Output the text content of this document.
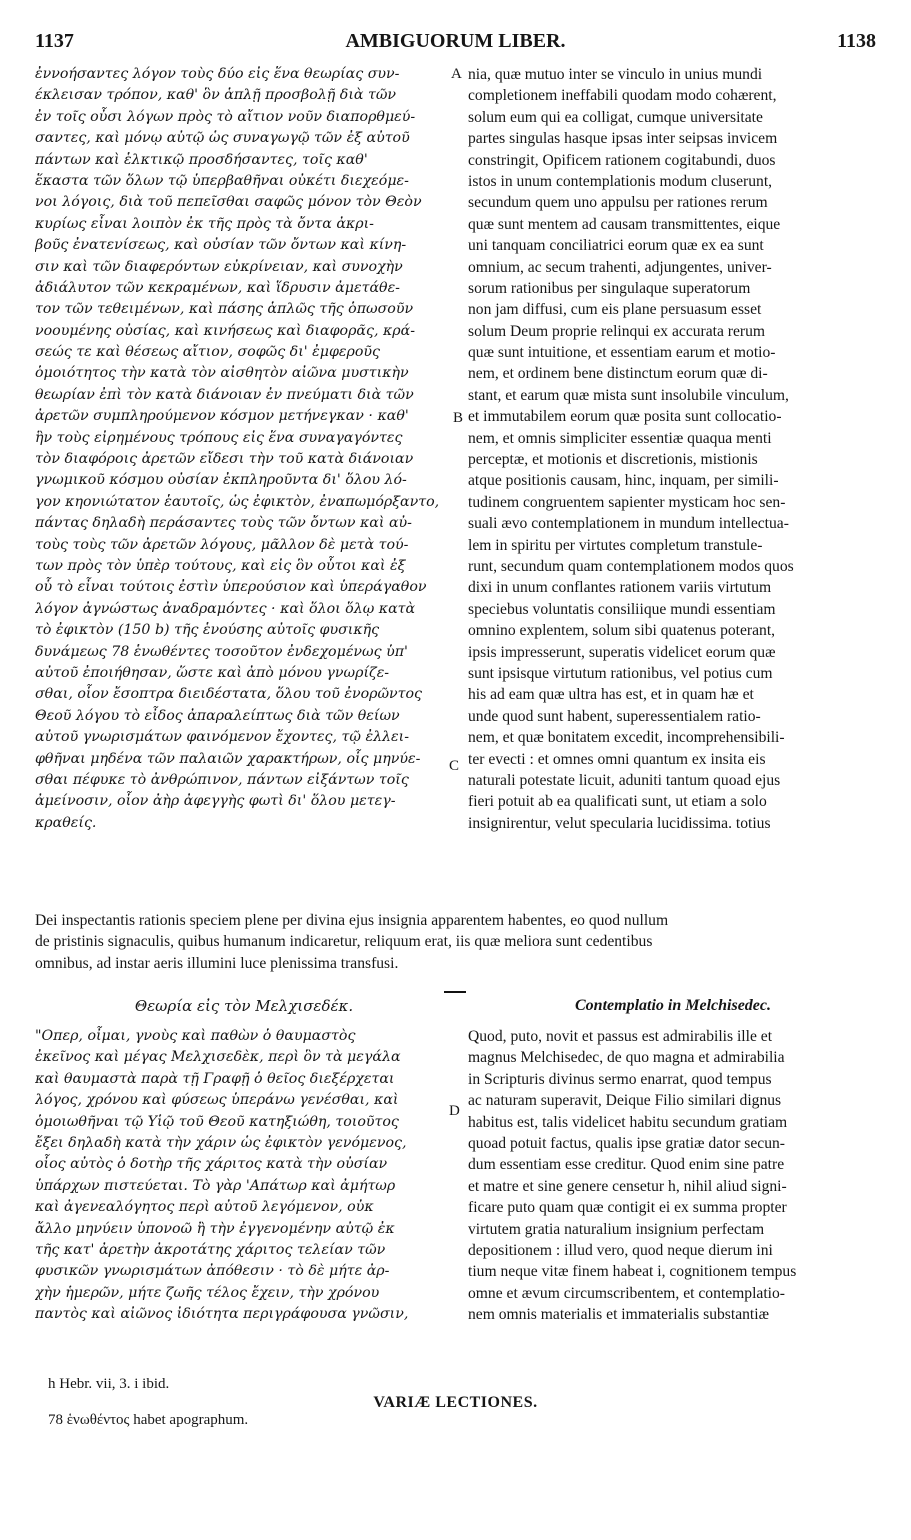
1137	AMBIGUORUM LIBER.	1138
ἐννοήσαντες λόγον τοὺς δύο εἰς ἕνα θεωρίας συν-
έκλεισαν τρόπον, καθ' ὃν ἁπλῇ προσβολῇ διὰ τῶν
ἐν τοῖς οὖσι λόγων πρὸς τὸ αἴτιον νοῦν διαπορθμεύ-
σαντες, καὶ μόνῳ αὐτῷ ὡς συναγωγῷ τῶν ἐξ αὐτοῦ
πάντων καὶ ἑλκτικῷ προσδήσαντες, τοῖς καθ'
ἕκαστα τῶν ὅλων τῷ ὑπερβαθῆναι οὐκέτι διεχεόμε-
νοι λόγοις, διὰ τοῦ πεπεῖσθαι σαφῶς μόνον τὸν Θεὸν
κυρίως εἶναι λοιπὸν ἐκ τῆς πρὸς τὰ ὄντα ἀκρι-
βοῦς ἐνατενίσεως, καὶ οὐσίαν τῶν ὄντων καὶ κίνη-
σιν καὶ τῶν διαφερόντων εὐκρίνειαν, καὶ συνοχὴν
ἀδιάλυτον τῶν κεκραμένων, καὶ ἵδρυσιν ἀμετάθε-
τον τῶν τεθειμένων, καὶ πάσης ἁπλῶς τῆς ὁπωσοῦν
νοουμένης οὐσίας, καὶ κινήσεως καὶ διαφορᾶς, κρά-
σεώς τε καὶ θέσεως αἴτιον, σοφῶς δι' ἐμφεροῦς
ὁμοιότητος τὴν κατὰ τὸν αἰσθητὸν αἰῶνα μυστικὴν
θεωρίαν ἐπὶ τὸν κατὰ διάνοιαν ἐν πνεύματι διὰ τῶν
ἀρετῶν συμπληρούμενον κόσμον μετήνεγκαν · καθ'
ἣν τοὺς εἰρημένους τρόπους εἰς ἕνα συναγαγόντες
τὸν διαφόροις ἀρετῶν εἴδεσι τὴν τοῦ κατὰ διάνοιαν
γνωμικοῦ κόσμου οὐσίαν ἐκπληροῦντα δι' ὅλου λό-
γον κηονιώτατον ἑαυτοῖς, ὡς ἐφικτὸν, ἐναπωμόρξαντο,
πάντας δηλαδὴ περάσαντες τοὺς τῶν ὄντων καὶ αὐ-
τοὺς τοὺς τῶν ἀρετῶν λόγους, μᾶλλον δὲ μετὰ τού-
των πρὸς τὸν ὑπὲρ τούτους, καὶ εἰς ὃν οὗτοι καὶ ἐξ
οὗ τὸ εἶναι τούτοις ἐστὶν ὑπερούσιον καὶ ὑπεράγαθον
λόγον ἀγνώστως ἀναδραμόντες · καὶ ὅλοι ὅλῳ κατὰ
τὸ ἐφικτὸν (150 b) τῆς ἑνούσης αὐτοῖς φυσικῆς
δυνάμεως 78 ἑνωθέντες τοσοῦτον ἐνδεχομένως ὑπ'
αὐτοῦ ἐποιήθησαν, ὥστε καὶ ἀπὸ μόνου γνωρίζε-
σθαι, οἷον ἔσοπτρα διειδέστατα, ὅλου τοῦ ἐνορῶντος
Θεοῦ λόγου τὸ εἶδος ἀπαραλείπτως διὰ τῶν θείων
αὐτοῦ γνωρισμάτων φαινόμενον ἔχοντες, τῷ ἐλλει-
φθῆναι μηδένα τῶν παλαιῶν χαρακτήρων, οἷς μηνύε-
σθαι πέφυκε τὸ ἀνθρώπινον, πάντων εἰξάντων τοῖς
ἀμείνοσιν, οἷον ἀὴρ ἀφεγγὴς φωτὶ δι' ὅλου μετεγ-
κραθείς.
nia, quæ mutuo inter se vinculo in unius mundi
completionem ineffabili quodam modo cohærent,
solum eum qui ea colligat, cumque universitate
partes singulas hasque ipsas inter seipsas invicem
constringit, Opificem rationem cogitabundi, duos
istos in unum contemplationis modum cluserunt,
secundum quem uno appulsu per rationes rerum
quæ sunt mentem ad causam transmittentes, eique
uni tanquam conciliatrici eorum quæ ex ea sunt
omnium, ac secum trahenti, adjungentes, univer-
sorum rationibus per singulaque superatorum
non jam diffusi, cum eis plane persuasum esset
solum Deum proprie relinqui ex accurata rerum
quæ sunt intuitione, et essentiam earum et motio-
nem, et ordinem bene distinctum eorum quæ di-
stant, et earum quæ mista sunt insolubile vinculum,
et immutabilem eorum quæ posita sunt collocatio-
nem, et omnis simpliciter essentiæ quaqua menti
perceptæ, et motionis et discretionis, mistionis
atque positionis causam, hinc, inquam, per simili-
tudinem congruentem sapienter mysticam hoc sen-
suali ævo contemplationem in mundum intellectua-
lem in spiritu per virtutes completum transtule-
runt, secundum quam contemplationem modos quos
dixi in unum conflantes rationem variis virtutum
speciebus voluntatis consiliique mundi essentiam
omnino explentem, solum sibi quatenus poterant,
ipsis impresserunt, superatis videlicet eorum quæ
sunt ipsisque virtutum rationibus, vel potius cum
his ad eam quæ ultra has est, et in quam hæ et
unde quod sunt habent, superessentialem ratio-
nem, et quæ bonitatem excedit, incomprehensibili-
ter evecti : et omnes omni quantum ex insita eis
naturali potestate licuit, aduniti tantum quoad ejus
fieri potuit ab ea qualificati sunt, ut etiam a solo
insignirentur, velut specularia lucidissima. totius
A
B
C
D
Dei inspectantis rationis speciem plene per divina ejus insignia apparentem habentes, eo quod nullum
de pristinis signaculis, quibus humanum indicaretur, reliquum erat, iis quæ meliora sunt cedentibus
omnibus, ad instar aeris illumini luce plenissima transfusi.
Θεωρία εἰς τὸν Μελχισεδέκ.	Contemplatio in Melchisedec.
"Οπερ, οἶμαι, γνοὺς καὶ παθὼν ὁ θαυμαστὸς
ἐκεῖνος καὶ μέγας Μελχισεδὲκ, περὶ ὃν τὰ μεγάλα
καὶ θαυμαστὰ παρὰ τῇ Γραφῇ ὁ θεῖος διεξέρχεται
λόγος, χρόνου καὶ φύσεως ὑπεράνω γενέσθαι, καὶ
ὁμοιωθῆναι τῷ Υἱῷ τοῦ Θεοῦ κατηξιώθη, τοιοῦτος
ἔξει δηλαδὴ κατὰ τὴν χάριν ὡς ἐφικτὸν γενόμενος,
οἷος αὐτὸς ὁ δοτὴρ τῆς χάριτος κατὰ τὴν οὐσίαν
ὑπάρχων πιστεύεται. Τὸ γὰρ 'Απάτωρ καὶ ἀμήτωρ
καὶ ἀγενεαλόγητος περὶ αὐτοῦ λεγόμενον, οὐκ
ἄλλο μηνύειν ὑπονοῶ ἢ τὴν ἐγγενομένην αὐτῷ ἐκ
τῆς κατ' ἀρετὴν ἀκροτάτης χάριτος τελείαν τῶν
φυσικῶν γνωρισμάτων ἀπόθεσιν · τὸ δὲ μήτε ἀρ-
χὴν ἡμερῶν, μήτε ζωῆς τέλος ἔχειν, τὴν χρόνου
παντὸς καὶ αἰῶνος ἰδιότητα περιγράφουσα γνῶσιν,
Quod, puto, novit et passus est admirabilis ille et
magnus Melchisedec, de quo magna et admirabilia
in Scripturis divinus sermo enarrat, quod tempus
ac naturam superavit, Deique Filio similari dignus
habitus est, talis videlicet habitu secundum gratiam
quoad potuit factus, qualis ipse gratiæ dator secun-
dum essentiam esse creditur. Quod enim sine patre
et matre et sine genere censetur h, nihil aliud signi-
ficare puto quam quæ contigit ei ex summa propter
virtutem gratia naturalium insignium perfectam
depositionem : illud vero, quod neque dierum ini
tium neque vitæ finem habeat i, cognitionem tempus
omne et ævum circumscribentem, et contemplatio-
nem omnis materialis et immaterialis substantiæ
h Hebr. vii, 3. i ibid.
VARIÆ LECTIONES.
78 ἑνωθέντος habet apographum.
